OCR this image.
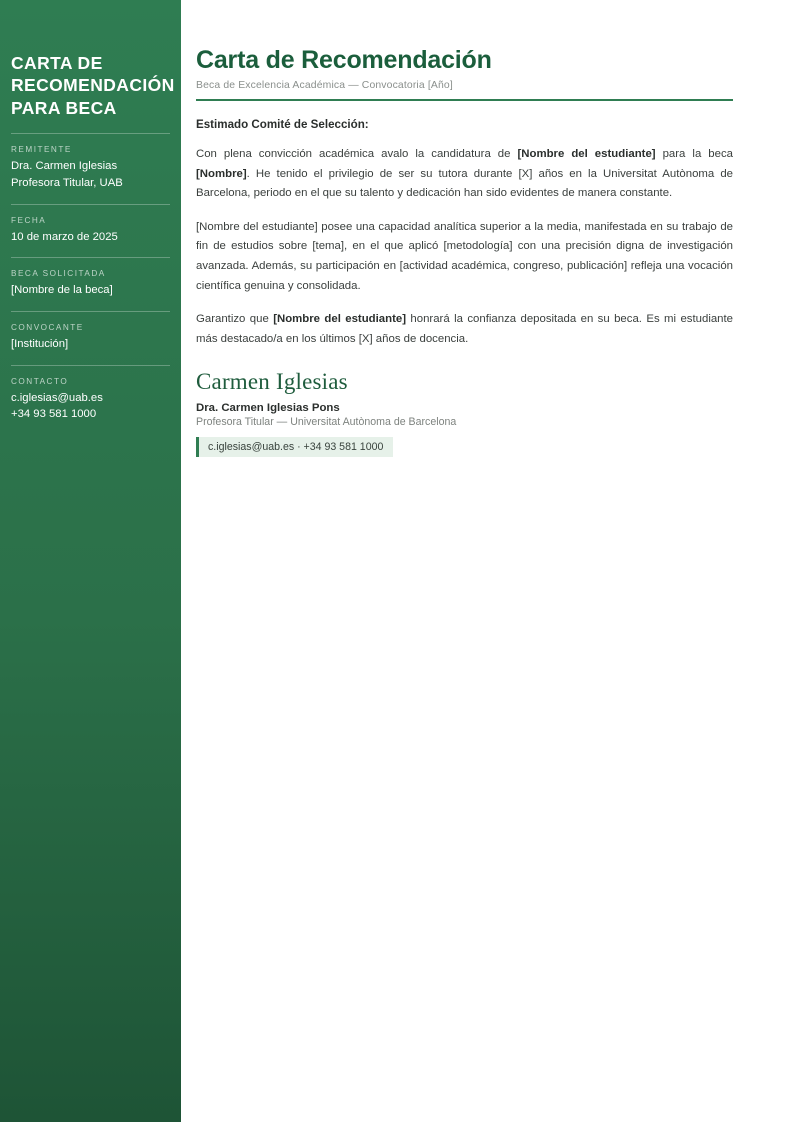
CARTA DE RECOMENDACIÓN PARA BECA
REMITENTE
Dra. Carmen Iglesias
Profesora Titular, UAB
FECHA
10 de marzo de 2025
BECA SOLICITADA
[Nombre de la beca]
CONVOCANTE
[Institución]
CONTACTO
c.iglesias@uab.es
+34 93 581 1000
Carta de Recomendación
Beca de Excelencia Académica — Convocatoria [Año]

Estimado Comité de Selección:

Con plena convicción académica avalo la candidatura de [Nombre del estudiante] para la beca [Nombre]. He tenido el privilegio de ser su tutora durante [X] años en la Universitat Autònoma de Barcelona, periodo en el que su talento y dedicación han sido evidentes de manera constante.

[Nombre del estudiante] posee una capacidad analítica superior a la media, manifestada en su trabajo de fin de estudios sobre [tema], en el que aplicó [metodología] con una precisión digna de investigación avanzada. Además, su participación en [actividad académica, congreso, publicación] refleja una vocación científica genuina y consolidada.

Garantizo que [Nombre del estudiante] honrará la confianza depositada en su beca. Es mi estudiante más destacado/a en los últimos [X] años de docencia.

Carmen Iglesias
Dra. Carmen Iglesias Pons
Profesora Titular — Universitat Autònoma de Barcelona
c.iglesias@uab.es · +34 93 581 1000
